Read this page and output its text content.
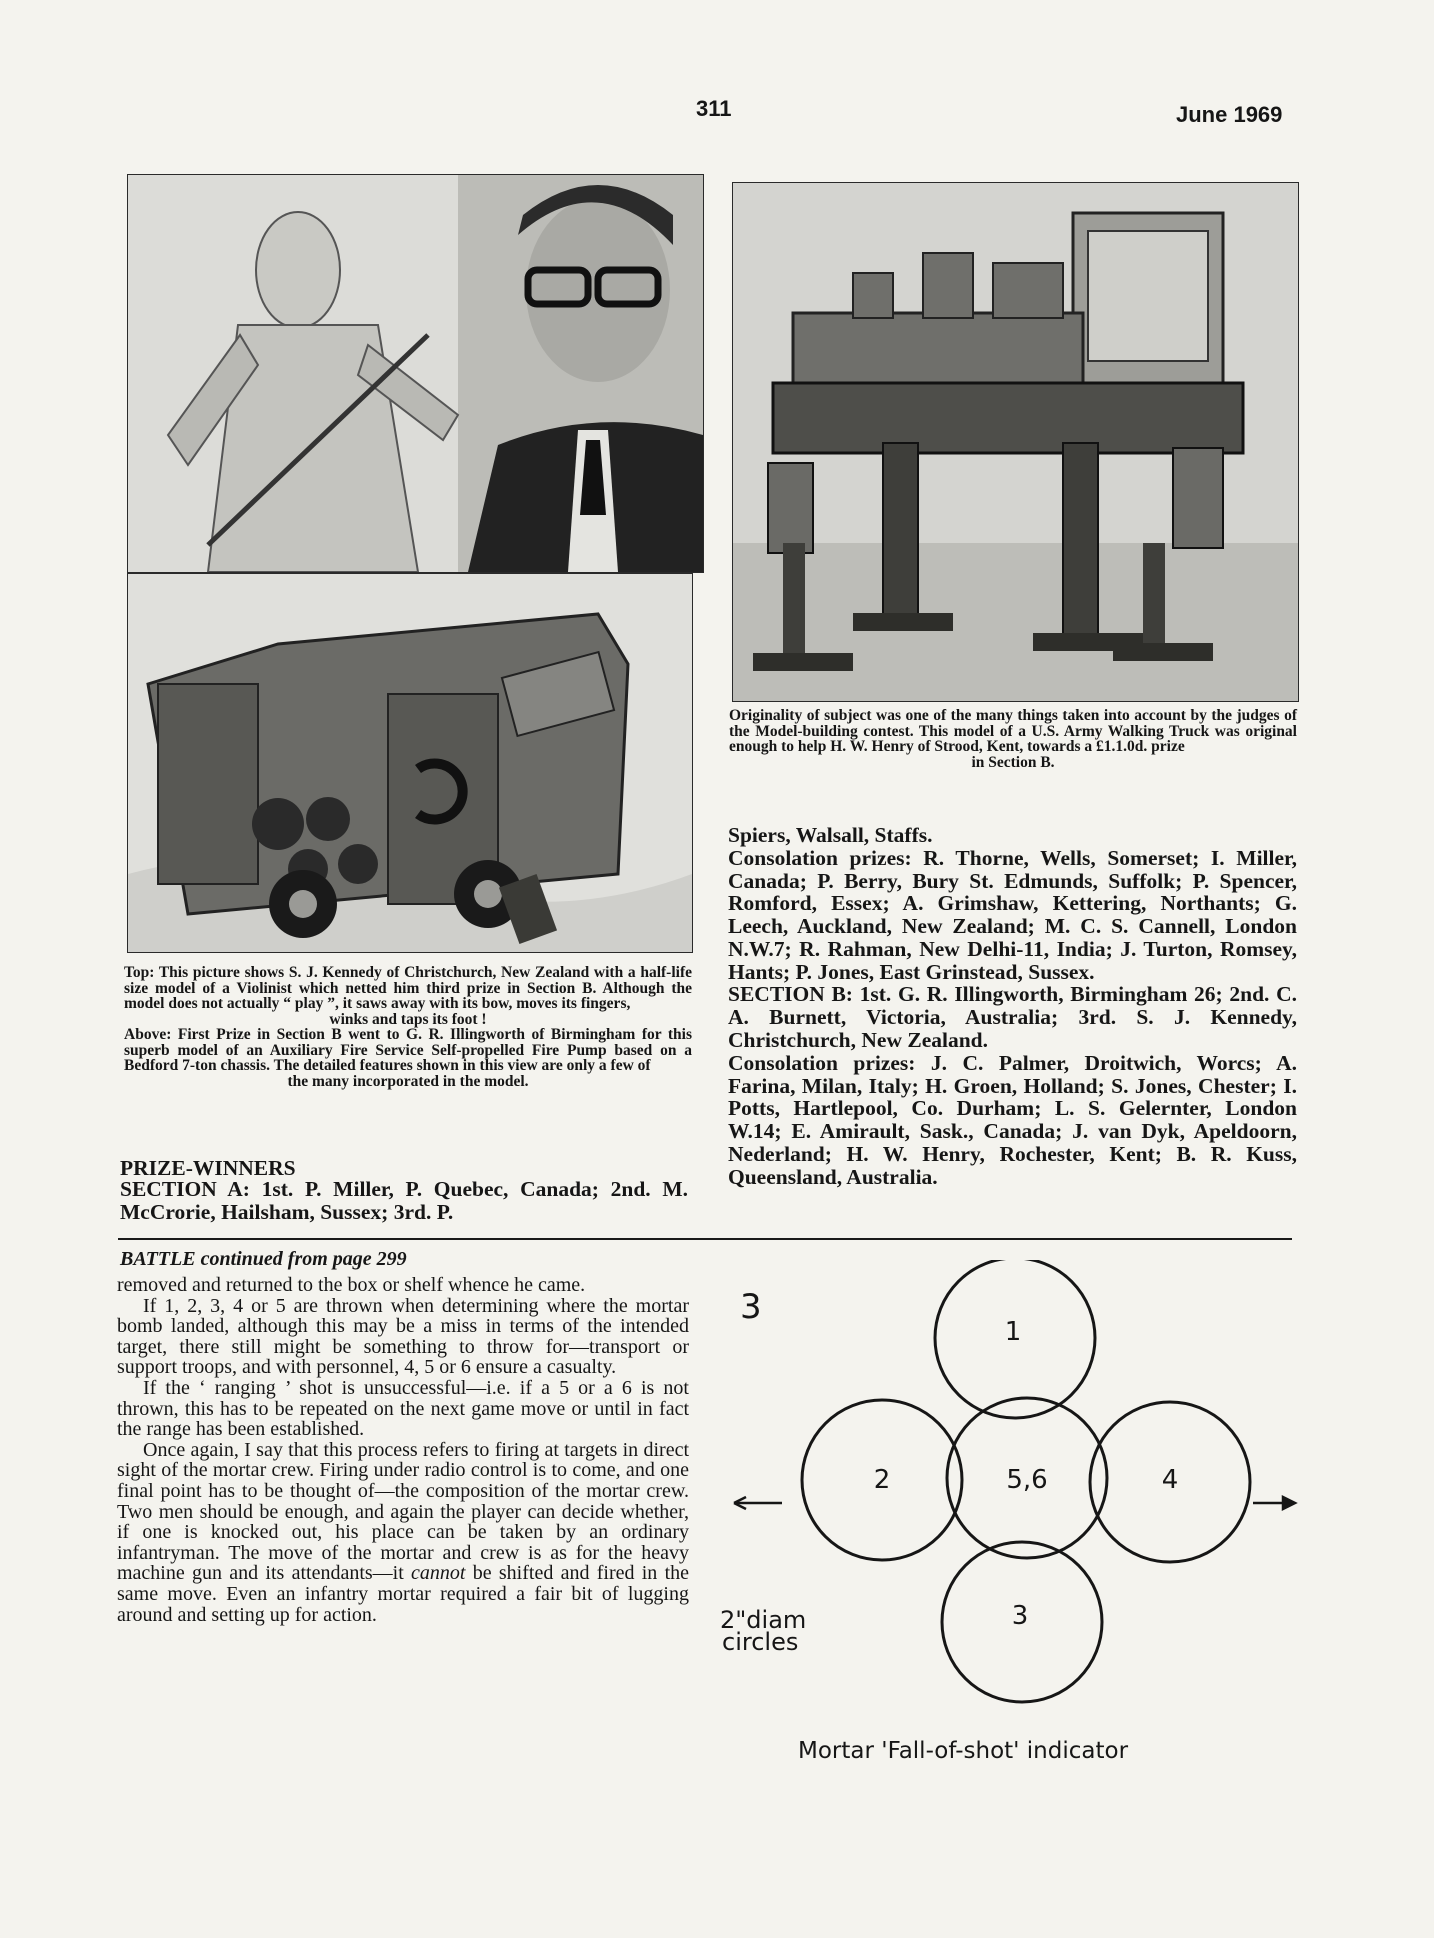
311	June 1969

Originality of subject was one of the many things taken into account by the judges of the Model-building contest. This model of a U.S. Army Walking Truck was original enough to help H. W. Henry of Strood, Kent, towards a £1.1.0d. prize

in Section B.

Top: This picture shows S. J. Kennedy of Christchurch, New Zealand with a half-life size model of a Violinist which netted him third prize in Section B. Although the model does not actually “ play ”, it saws away with its bow, moves its fingers,

winks and taps its foot !

Above: First Prize in Section B went to G. R. Illingworth of Birmingham for this superb model of an Auxiliary Fire Service Self-propelled Fire Pump based on a Bedford 7-ton chassis. The detailed features shown in this view are only a few of

the many incorporated in the model.

PRIZE-WINNERS
SECTION A: 1st. P. Miller, P. Quebec, Canada; 2nd. M. McCrorie, Hailsham, Sussex; 3rd. P.

Spiers, Walsall, Staffs.

Consolation prizes: R. Thorne, Wells, Somerset; I. Miller, Canada; P. Berry, Bury St. Edmunds, Suffolk; P. Spencer, Romford, Essex; A. Grimshaw, Kettering, Northants; G. Leech, Auckland, New Zealand; M. C. S. Cannell, London N.W.7; R. Rahman, New Delhi-11, India; J. Turton, Romsey, Hants; P. Jones, East Grinstead, Sussex.

SECTION B: 1st. G. R. Illingworth, Birmingham 26; 2nd. C. A. Burnett, Victoria, Australia; 3rd. S. J. Kennedy, Christchurch, New Zealand.

Consolation prizes: J. C. Palmer, Droitwich, Worcs; A. Farina, Milan, Italy; H. Groen, Holland; S. Jones, Chester; I. Potts, Hartlepool, Co. Durham; L. S. Gelernter, London W.14; E. Amirault, Sask., Canada; J. van Dyk, Apeldoorn, Nederland; H. W. Henry, Rochester, Kent; B. R. Kuss, Queensland, Australia.

BATTLE continued from page 299

removed and returned to the box or shelf whence he came.

If 1, 2, 3, 4 or 5 are thrown when determining where the mortar bomb landed, although this may be a miss in terms of the intended target, there still might be something to throw for—transport or support troops, and with personnel, 4, 5 or 6 ensure a casualty.

If the ‘ ranging ’ shot is unsuccessful—i.e. if a 5 or a 6 is not thrown, this has to be repeated on the next game move or until in fact the range has been established.

Once again, I say that this process refers to firing at targets in direct sight of the mortar crew. Firing under radio control is to come, and one final point has to be thought of—the composition of the mortar crew. Two men should be enough, and again the player can decide whether, if one is knocked out, his place can be taken by an ordinary infantryman. The move of the mortar and crew is as for the heavy machine gun and its attendants—it cannot be shifted and fired in the same move. Even an infantry mortar required a fair bit of lugging around and setting up for action.

3
1
2	5,6	4
3
2"diam
circles
Mortar 'Fall-of-shot' indicator
